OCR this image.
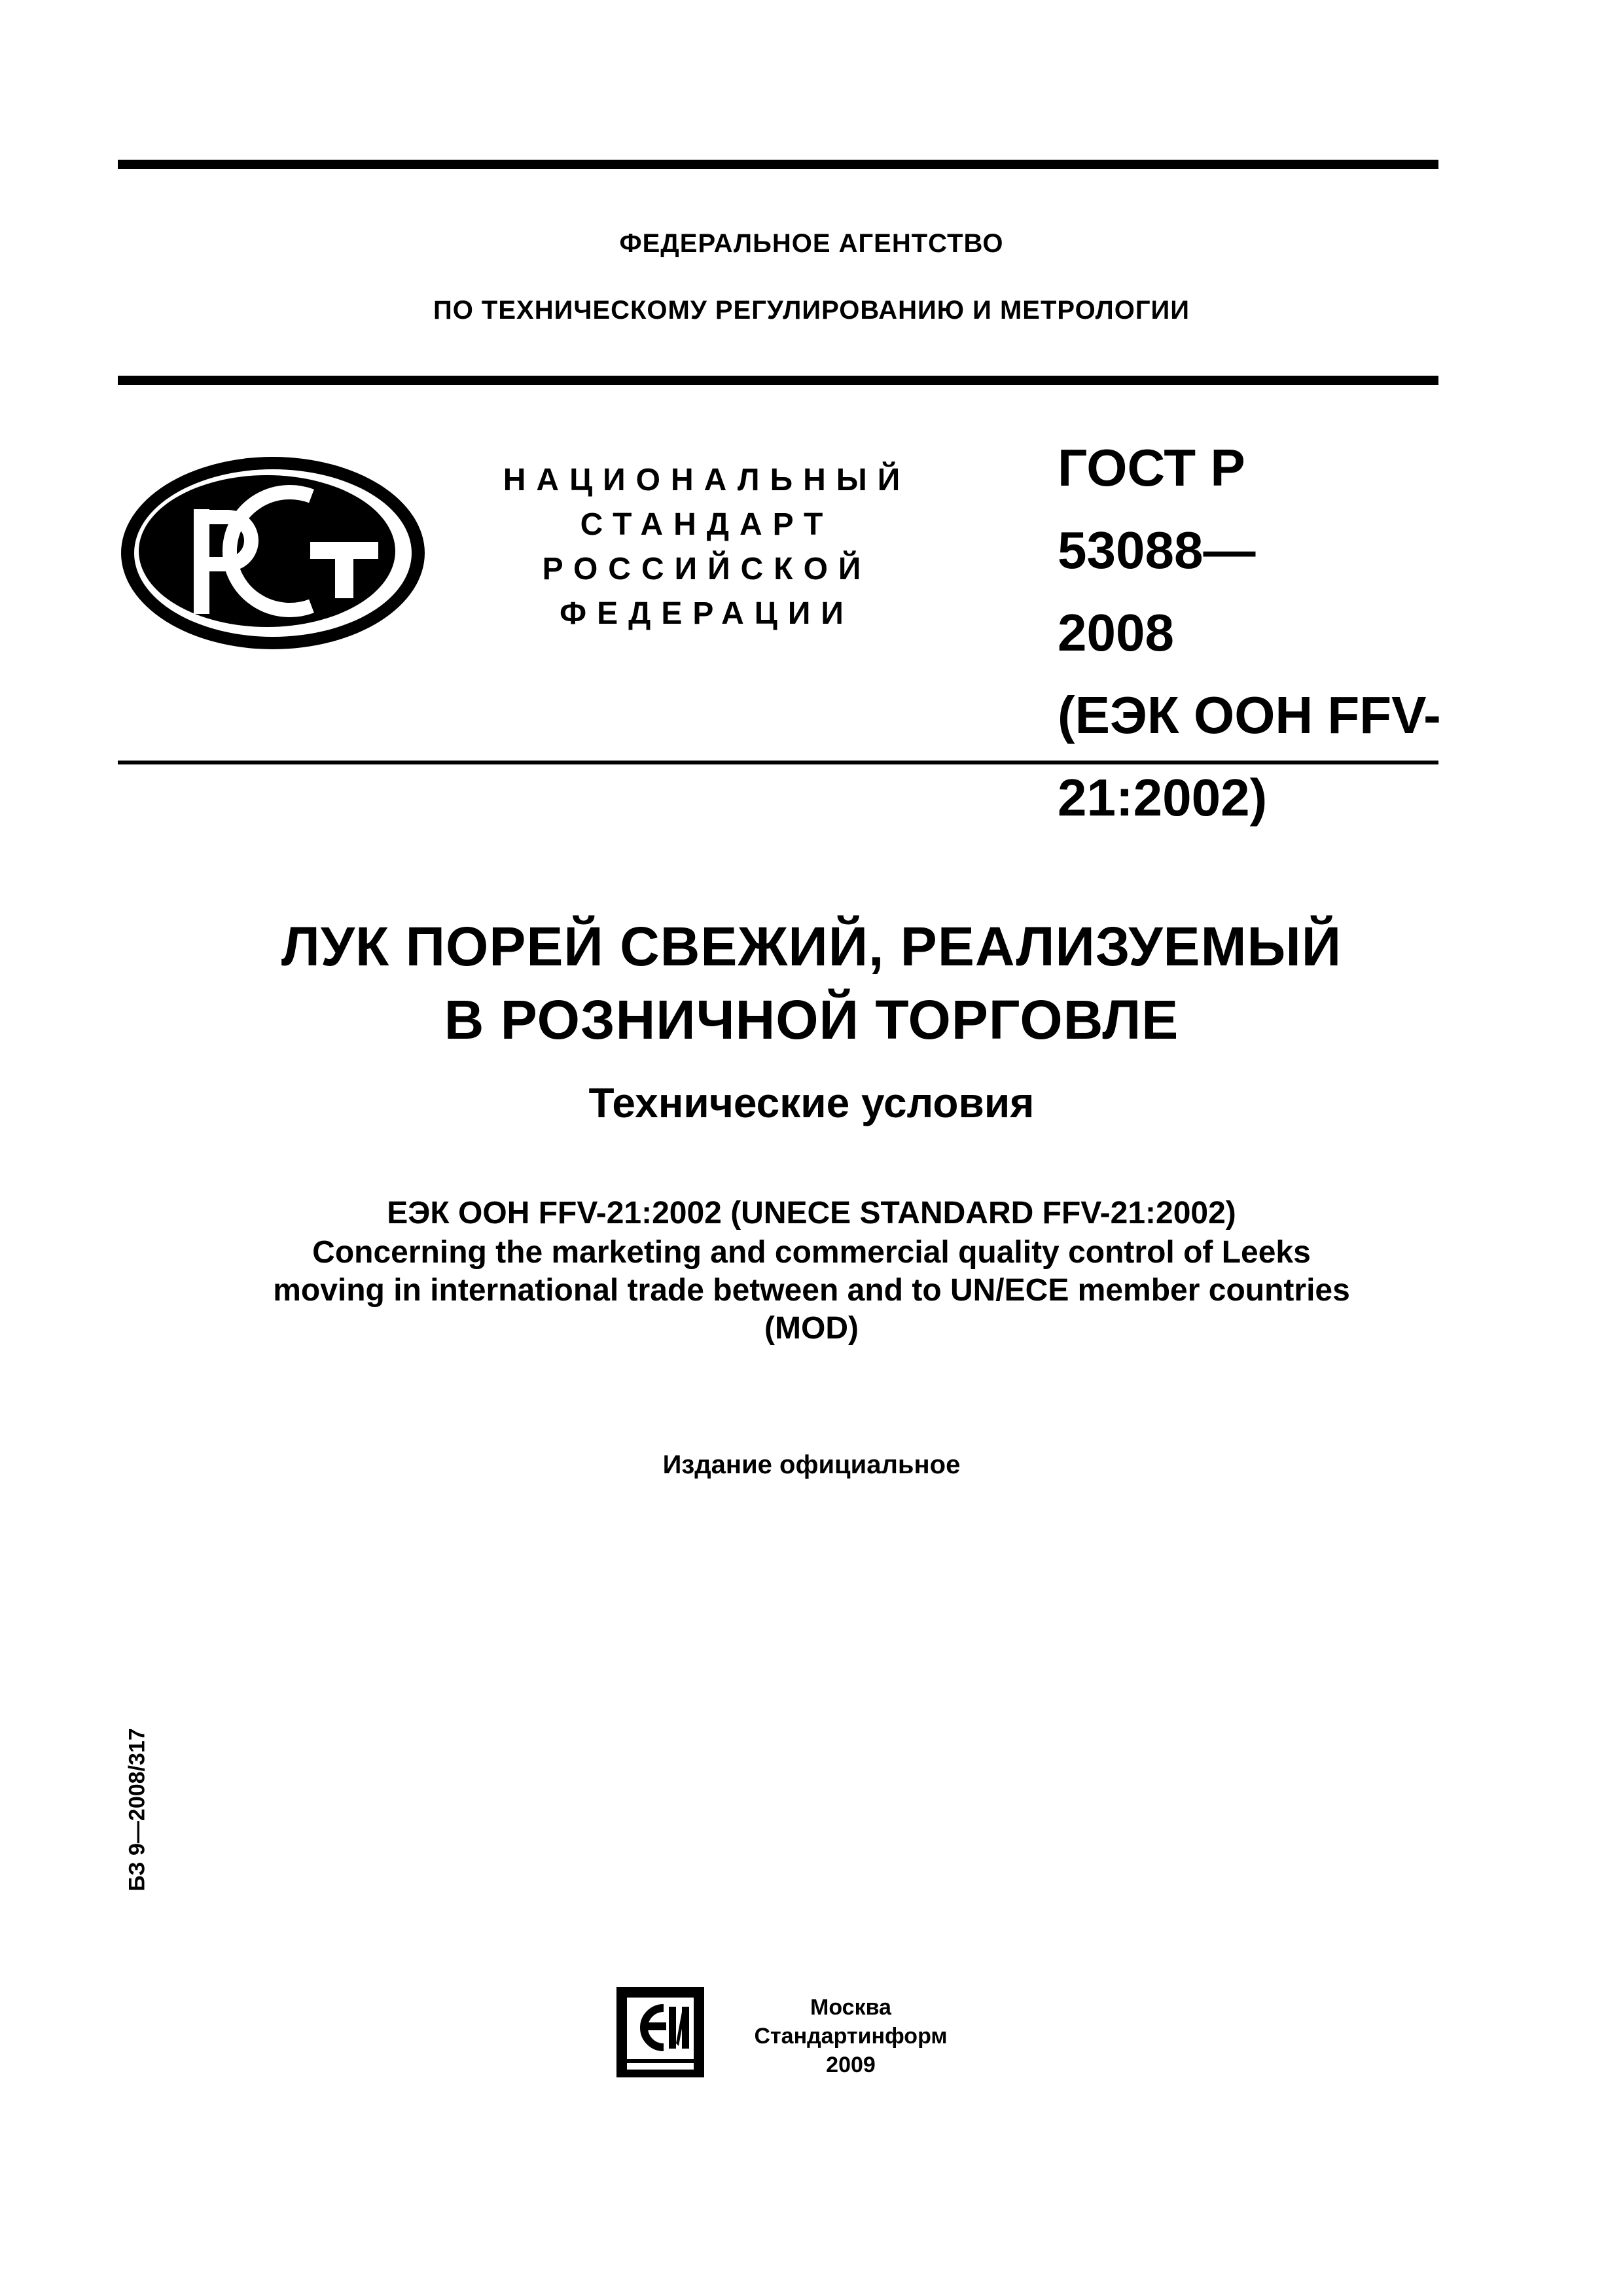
ФЕДЕРАЛЬНОЕ АГЕНТСТВО
ПО ТЕХНИЧЕСКОМУ РЕГУЛИРОВАНИЮ И МЕТРОЛОГИИ
НАЦИОНАЛЬНЫЙ
СТАНДАРТ
РОССИЙСКОЙ
ФЕДЕРАЦИИ
ГОСТ Р
53088—
2008
(ЕЭК ООН FFV-
21:2002)
ЛУК ПОРЕЙ СВЕЖИЙ, РЕАЛИЗУЕМЫЙ
В РОЗНИЧНОЙ ТОРГОВЛЕ
Технические условия
ЕЭК ООН FFV-21:2002 (UNECE STANDARD FFV-21:2002)
Concerning the marketing and commercial quality control of Leeks
moving in international trade between and to UN/ECE member countries
(MOD)
Издание официальное
БЗ 9—2008/317
Москва
Стандартинформ
2009
